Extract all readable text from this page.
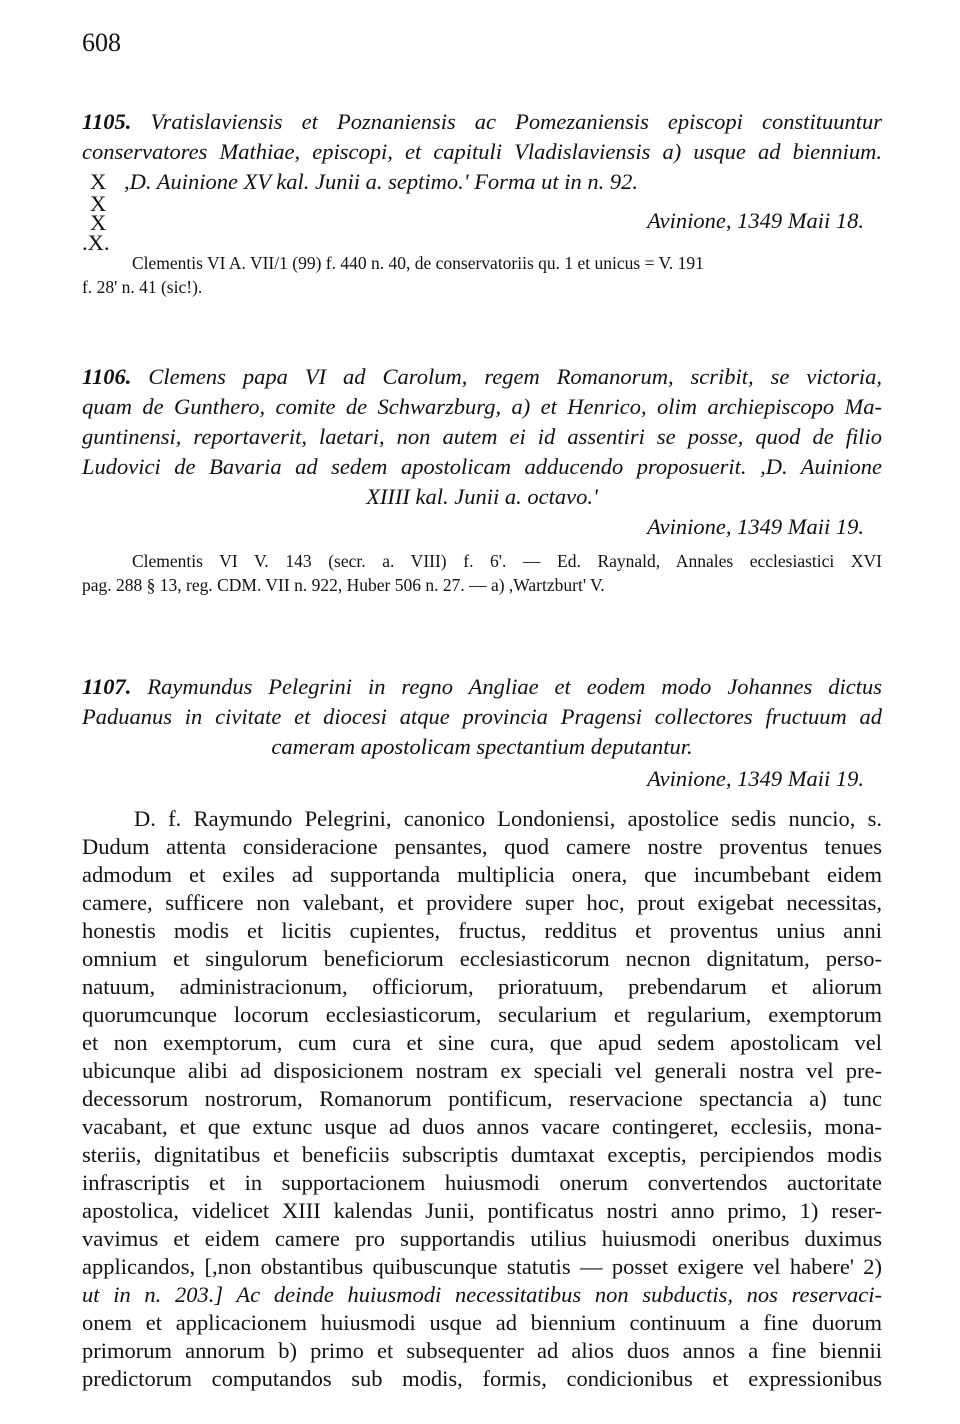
608
1105. Vratislaviensis et Poznaniensis ac Pomezaniensis episcopi constituuntur
conservatores Mathiae, episcopi, et capituli Vladislaviensis a) usque ad biennium.
X ,D. Auinione XV kal. Junii a. septimo.' Forma ut in n. 92.
X
X	Avinione, 1349 Maii 18.
.X.
Clementis VI A. VII/1 (99) f. 440 n. 40, de conservatoriis qu. 1 et unicus = V. 191
f. 28' n. 41 (sic!).
1106. Clemens papa VI ad Carolum, regem Romanorum, scribit, se victoria,
quam de Gunthero, comite de Schwarzburg, a) et Henrico, olim archiepiscopo Ma-
guntinensi, reportaverit, laetari, non autem ei id assentiri se posse, quod de filio
Ludovici de Bavaria ad sedem apostolicam adducendo proposuerit. ,D. Auinione
XIIII kal. Junii a. octavo.'
Avinione, 1349 Maii 19.
Clementis VI V. 143 (secr. a. VIII) f. 6'. — Ed. Raynald, Annales ecclesiastici XVI
pag. 288 § 13, reg. CDM. VII n. 922, Huber 506 n. 27. — a) ,Wartzburt' V.
1107. Raymundus Pelegrini in regno Angliae et eodem modo Johannes dictus
Paduanus in civitate et diocesi atque provincia Pragensi collectores fructuum ad
cameram apostolicam spectantium deputantur.
Avinione, 1349 Maii 19.
D. f. Raymundo Pelegrini, canonico Londoniensi, apostolice sedis nuncio, s.
Dudum attenta consideracione pensantes, quod camere nostre proventus tenues
admodum et exiles ad supportanda multiplicia onera, que incumbebant eidem
camere, sufficere non valebant, et providere super hoc, prout exigebat necessitas,
honestis modis et licitis cupientes, fructus, redditus et proventus unius anni
omnium et singulorum beneficiorum ecclesiasticorum necnon dignitatum, perso-
natuum, administracionum, officiorum, prioratuum, prebendarum et aliorum
quorumcunque locorum ecclesiasticorum, secularium et regularium, exemptorum
et non exemptorum, cum cura et sine cura, que apud sedem apostolicam vel
ubicunque alibi ad disposicionem nostram ex speciali vel generali nostra vel pre-
decessorum nostrorum, Romanorum pontificum, reservacione spectancia a) tunc
vacabant, et que extunc usque ad duos annos vacare contingeret, ecclesiis, mona-
steriis, dignitatibus et beneficiis subscriptis dumtaxat exceptis, percipiendos modis
infrascriptis et in supportacionem huiusmodi onerum convertendos auctoritate
apostolica, videlicet XIII kalendas Junii, pontificatus nostri anno primo, 1) reser-
vavimus et eidem camere pro supportandis utilius huiusmodi oneribus duximus
applicandos, [,non obstantibus quibuscunque statutis — posset exigere vel habere' 2)
ut in n. 203.] Ac deinde huiusmodi necessitatibus non subductis, nos reservaci-
onem et applicacionem huiusmodi usque ad biennium continuum a fine duorum
primorum annorum b) primo et subsequenter ad alios duos annos a fine biennii
predictorum computandos sub modis, formis, condicionibus et expressionibus
